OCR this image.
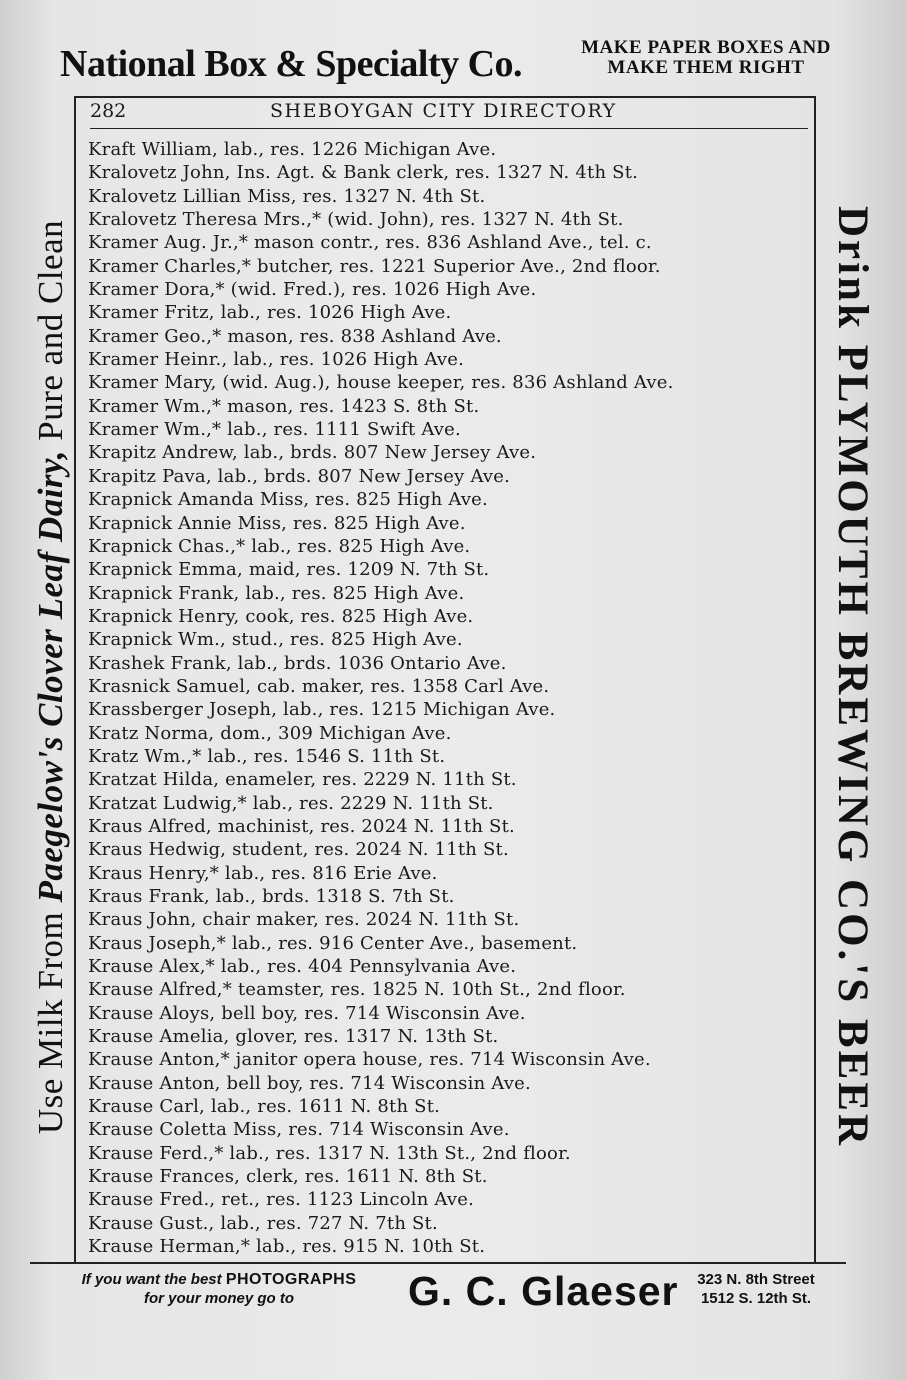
National Box & Specialty Co.	MAKE PAPER BOXES AND
MAKE THEM RIGHT
Use Milk From Paegelow's Clover Leaf Dairy, Pure and Clean	Drink PLYMOUTH BREWING CO.'S BEER
282	SHEBOYGAN CITY DIRECTORY
Kraft William, lab., res. 1226 Michigan Ave.
Kralovetz John, Ins. Agt. & Bank clerk, res. 1327 N. 4th St.
Kralovetz Lillian Miss, res. 1327 N. 4th St.
Kralovetz Theresa Mrs.,* (wid. John), res. 1327 N. 4th St.
Kramer Aug. Jr.,* mason contr., res. 836 Ashland Ave., tel. c.
Kramer Charles,* butcher, res. 1221 Superior Ave., 2nd floor.
Kramer Dora,* (wid. Fred.), res. 1026 High Ave.
Kramer Fritz, lab., res. 1026 High Ave.
Kramer Geo.,* mason, res. 838 Ashland Ave.
Kramer Heinr., lab., res. 1026 High Ave.
Kramer Mary, (wid. Aug.), house keeper, res. 836 Ashland Ave.
Kramer Wm.,* mason, res. 1423 S. 8th St.
Kramer Wm.,* lab., res. 1111 Swift Ave.
Krapitz Andrew, lab., brds. 807 New Jersey Ave.
Krapitz Pava, lab., brds. 807 New Jersey Ave.
Krapnick Amanda Miss, res. 825 High Ave.
Krapnick Annie Miss, res. 825 High Ave.
Krapnick Chas.,* lab., res. 825 High Ave.
Krapnick Emma, maid, res. 1209 N. 7th St.
Krapnick Frank, lab., res. 825 High Ave.
Krapnick Henry, cook, res. 825 High Ave.
Krapnick Wm., stud., res. 825 High Ave.
Krashek Frank, lab., brds. 1036 Ontario Ave.
Krasnick Samuel, cab. maker, res. 1358 Carl Ave.
Krassberger Joseph, lab., res. 1215 Michigan Ave.
Kratz Norma, dom., 309 Michigan Ave.
Kratz Wm.,* lab., res. 1546 S. 11th St.
Kratzat Hilda, enameler, res. 2229 N. 11th St.
Kratzat Ludwig,* lab., res. 2229 N. 11th St.
Kraus Alfred, machinist, res. 2024 N. 11th St.
Kraus Hedwig, student, res. 2024 N. 11th St.
Kraus Henry,* lab., res. 816 Erie Ave.
Kraus Frank, lab., brds. 1318 S. 7th St.
Kraus John, chair maker, res. 2024 N. 11th St.
Kraus Joseph,* lab., res. 916 Center Ave., basement.
Krause Alex,* lab., res. 404 Pennsylvania Ave.
Krause Alfred,* teamster, res. 1825 N. 10th St., 2nd floor.
Krause Aloys, bell boy, res. 714 Wisconsin Ave.
Krause Amelia, glover, res. 1317 N. 13th St.
Krause Anton,* janitor opera house, res. 714 Wisconsin Ave.
Krause Anton, bell boy, res. 714 Wisconsin Ave.
Krause Carl, lab., res. 1611 N. 8th St.
Krause Coletta Miss, res. 714 Wisconsin Ave.
Krause Ferd.,* lab., res. 1317 N. 13th St., 2nd floor.
Krause Frances, clerk, res. 1611 N. 8th St.
Krause Fred., ret., res. 1123 Lincoln Ave.
Krause Gust., lab., res. 727 N. 7th St.
Krause Herman,* lab., res. 915 N. 10th St.
If you want the best PHOTOGRAPHS
for your money go to	G. C. Glaeser	323 N. 8th Street
1512 S. 12th St.
